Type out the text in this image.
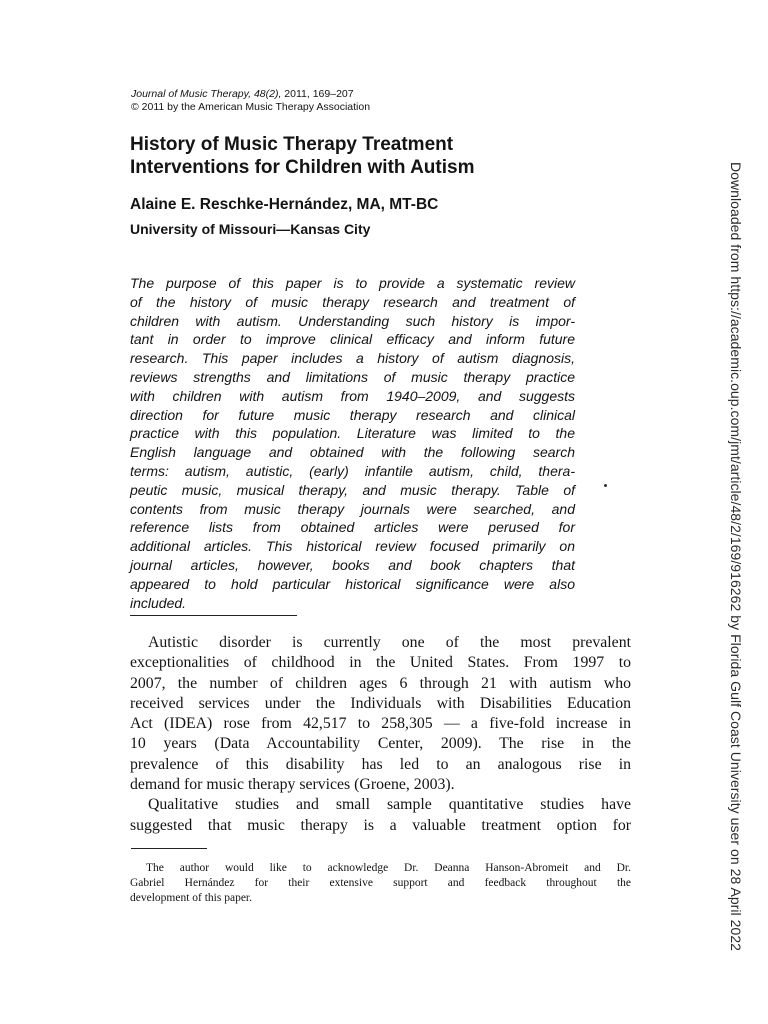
Journal of Music Therapy, 48(2), 2011, 169–207
© 2011 by the American Music Therapy Association
History of Music Therapy Treatment
Interventions for Children with Autism
Alaine E. Reschke-Hernández, MA, MT-BC
University of Missouri—Kansas City
The purpose of this paper is to provide a systematic review
of the history of music therapy research and treatment of
children with autism. Understanding such history is impor-
tant in order to improve clinical efficacy and inform future
research. This paper includes a history of autism diagnosis,
reviews strengths and limitations of music therapy practice
with children with autism from 1940–2009, and suggests
direction for future music therapy research and clinical
practice with this population. Literature was limited to the
English language and obtained with the following search
terms: autism, autistic, (early) infantile autism, child, thera-
peutic music, musical therapy, and music therapy. Table of
contents from music therapy journals were searched, and
reference lists from obtained articles were perused for
additional articles. This historical review focused primarily on
journal articles, however, books and book chapters that
appeared to hold particular historical significance were also
included.
Autistic disorder is currently one of the most prevalent
exceptionalities of childhood in the United States. From 1997 to
2007, the number of children ages 6 through 21 with autism who
received services under the Individuals with Disabilities Education
Act (IDEA) rose from 42,517 to 258,305 — a five-fold increase in
10 years (Data Accountability Center, 2009). The rise in the
prevalence of this disability has led to an analogous rise in
demand for music therapy services (Groene, 2003).
Qualitative studies and small sample quantitative studies have
suggested that music therapy is a valuable treatment option for
The author would like to acknowledge Dr. Deanna Hanson-Abromeit and Dr.
Gabriel Hernández for their extensive support and feedback throughout the
development of this paper.	Downloaded from https://academic.oup.com/jmt/article/48/2/169/916262 by Florida Gulf Coast University user on 28 April 2022
